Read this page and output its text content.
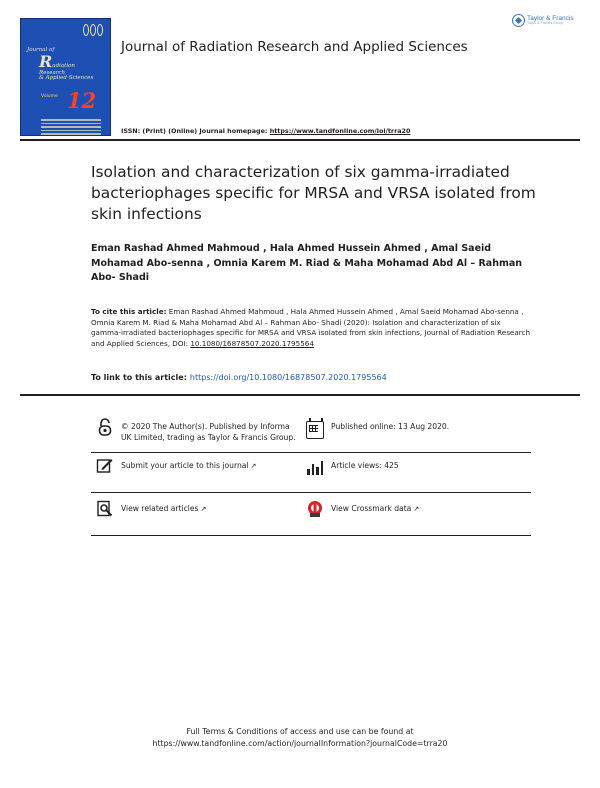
Journal of
Radiation
Research
& Applied Sciences
Volume 12
Taylor & Francis
Taylor & Francis Group
Journal of Radiation Research and Applied Sciences
ISSN: (Print) (Online) Journal homepage: https://www.tandfonline.com/loi/trra20
Isolation and characterization of six gamma-irradiated bacteriophages specific for MRSA and VRSA isolated from skin infections
Eman Rashad Ahmed Mahmoud , Hala Ahmed Hussein Ahmed , Amal Saeid Mohamad Abo-senna , Omnia Karem M. Riad & Maha Mohamad Abd Al – Rahman Abo- Shadi
To cite this article: Eman Rashad Ahmed Mahmoud , Hala Ahmed Hussein Ahmed , Amal Saeid Mohamad Abo-senna , Omnia Karem M. Riad & Maha Mohamad Abd Al – Rahman Abo- Shadi (2020): Isolation and characterization of six gamma-irradiated bacteriophages specific for MRSA and VRSA isolated from skin infections, Journal of Radiation Research and Applied Sciences, DOI: 10.1080/16878507.2020.1795564
To link to this article: https://doi.org/10.1080/16878507.2020.1795564
© 2020 The Author(s). Published by Informa UK Limited, trading as Taylor & Francis Group.
Published online: 13 Aug 2020.
Submit your article to this journal ↗	Article views: 425
View related articles ↗	View Crossmark data ↗
Full Terms & Conditions of access and use can be found at
https://www.tandfonline.com/action/journalInformation?journalCode=trra20
